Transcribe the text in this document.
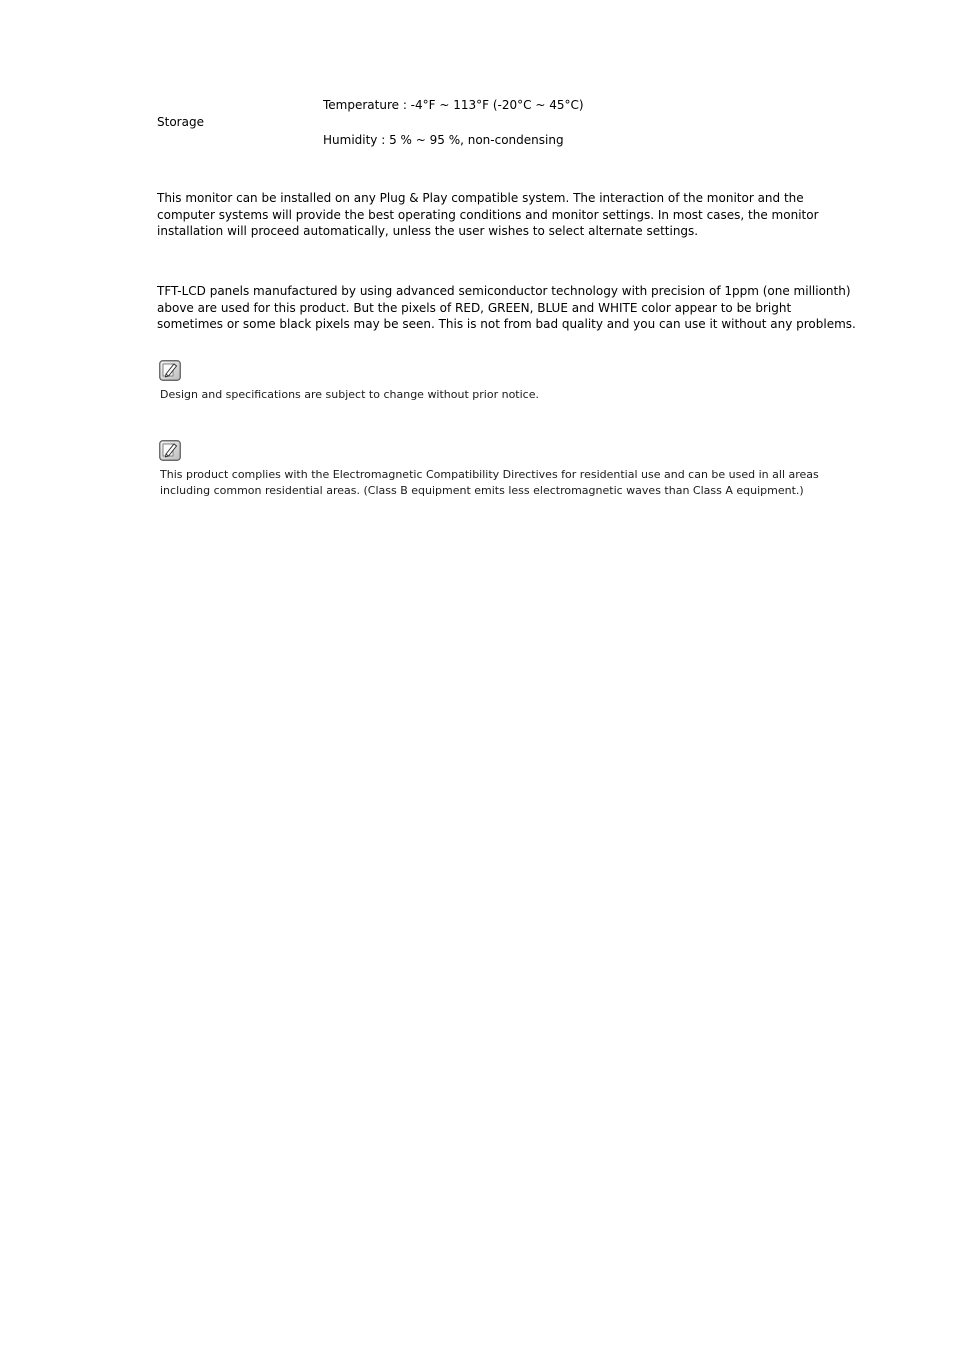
Storage
Temperature : -4°F ~ 113°F (-20°C ~ 45°C)
Humidity : 5 % ~ 95 %, non-condensing
This monitor can be installed on any Plug & Play compatible system. The interaction of the monitor and the
computer systems will provide the best operating conditions and monitor settings. In most cases, the monitor
installation will proceed automatically, unless the user wishes to select alternate settings.
TFT-LCD panels manufactured by using advanced semiconductor technology with precision of 1ppm (one millionth)
above are used for this product. But the pixels of RED, GREEN, BLUE and WHITE color appear to be bright
sometimes or some black pixels may be seen. This is not from bad quality and you can use it without any problems.
Design and specifications are subject to change without prior notice.
This product complies with the Electromagnetic Compatibility Directives for residential use and can be used in all areas
including common residential areas. (Class B equipment emits less electromagnetic waves than Class A equipment.)
